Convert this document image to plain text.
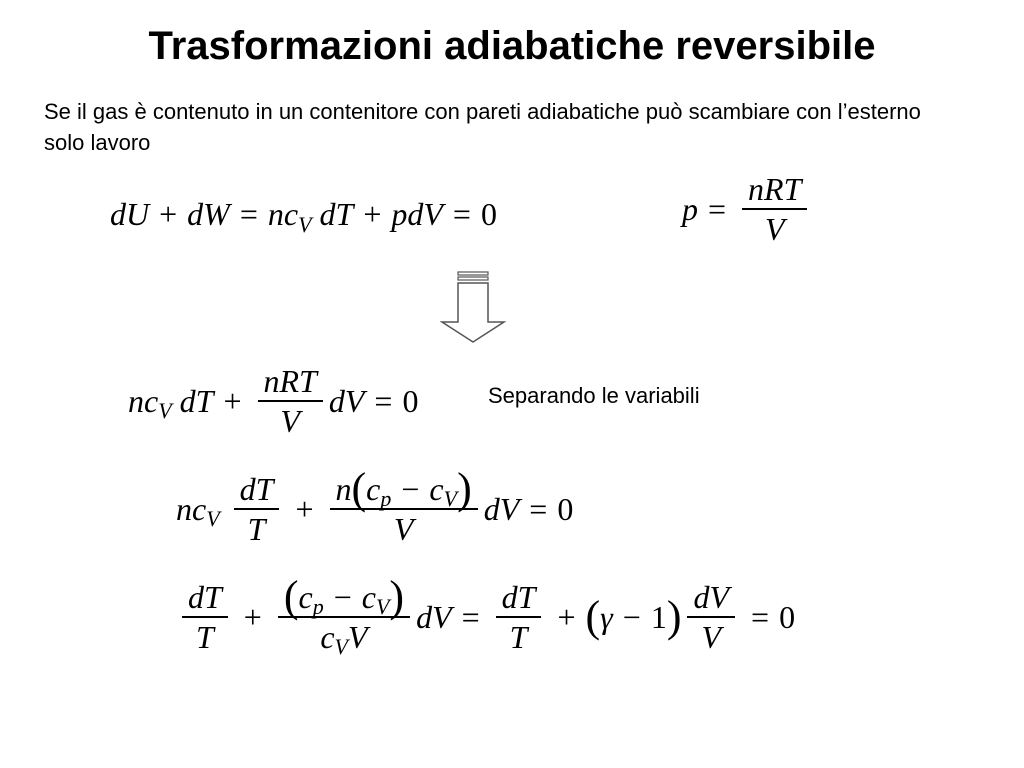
Trasformazioni adiabatiche reversibile
Se il gas è contenuto in un contenitore con pareti adiabatiche può scambiare con l’esterno solo lavoro
dU + dW = nc V
dT + pdV = 0	$p = \frac{\text{nRT}}{V}$
nc V
dT + $\frac{\text{nRT}}{V}$ dV = 0	Separando le variabili
nc V
$\frac{dT}{T} + \frac{\text{n ( c p − c V )}}{V}$ dV = 0
$\frac{dT}{T} + \frac{\text{( c p − c V )}}{\text{c V V}}$ dV = $\frac{dT}{T}$ + ( γ − 1 ) $\frac{dV}{V} = 0$
